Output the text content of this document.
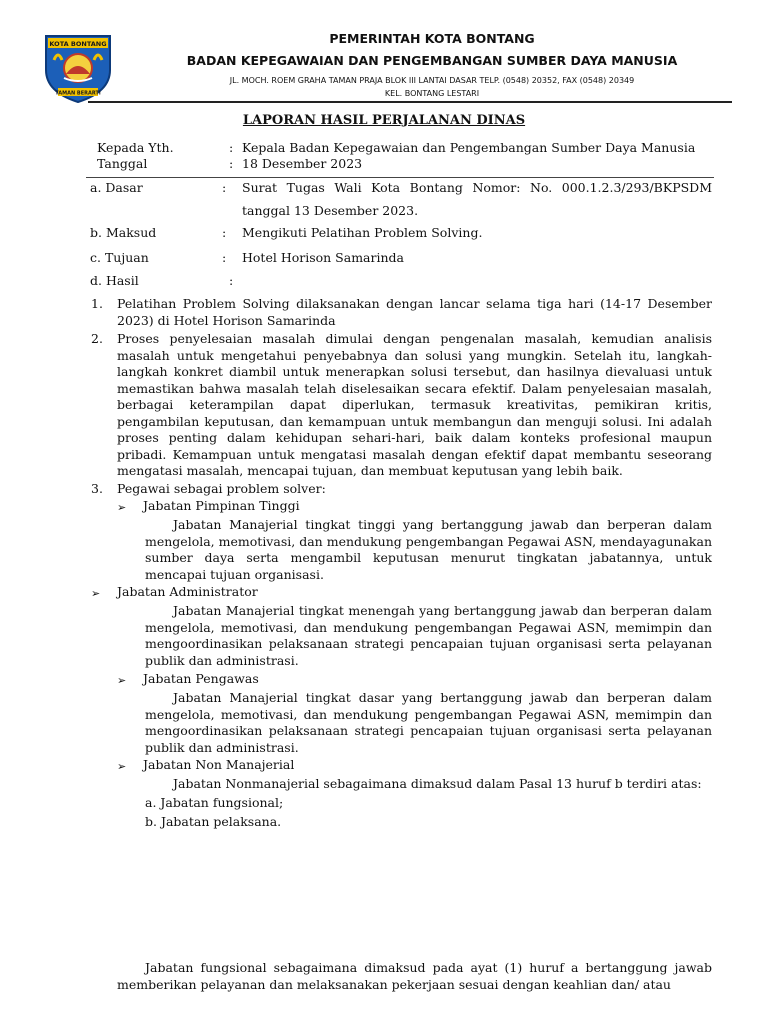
KOTA BONTANG
TAMAN BERARTI
PEMERINTAH KOTA BONTANG
BADAN KEPEGAWAIAN DAN PENGEMBANGAN SUMBER DAYA MANUSIA
JL. MOCH. ROEM GRAHA TAMAN PRAJA BLOK III LANTAI DASAR TELP. (0548) 20352, FAX (0548) 20349
KEL. BONTANG LESTARI
LAPORAN HASIL PERJALANAN DINAS
Kepada Yth.	: Kepala Badan Kepegawaian dan Pengembangan Sumber Daya Manusia
Tanggal	: 18 Desember 2023
a. Dasar	: Surat Tugas Wali Kota Bontang Nomor: No. 000.1.2.3/293/BKPSDM
tanggal 13 Desember 2023.
b. Maksud	: Mengikuti Pelatihan Problem Solving.
c. Tujuan	: Hotel Horison Samarinda
d. Hasil	:
1. Pelatihan Problem Solving dilaksanakan dengan lancar selama tiga hari (14-17 Desember 2023) di Hotel Horison Samarinda
2. Proses penyelesaian masalah dimulai dengan pengenalan masalah, kemudian analisis masalah untuk mengetahui penyebabnya dan solusi yang mungkin. Setelah itu, langkah-langkah konkret diambil untuk menerapkan solusi tersebut, dan hasilnya dievaluasi untuk memastikan bahwa masalah telah diselesaikan secara efektif. Dalam penyelesaian masalah, berbagai keterampilan dapat diperlukan, termasuk kreativitas, pemikiran kritis, pengambilan keputusan, dan kemampuan untuk membangun dan menguji solusi. Ini adalah proses penting dalam kehidupan sehari-hari, baik dalam konteks profesional maupun pribadi. Kemampuan untuk mengatasi masalah dengan efektif dapat membantu seseorang mengatasi masalah, mencapai tujuan, dan membuat keputusan yang lebih baik.
3. Pegawai sebagai problem solver:
➢ Jabatan Pimpinan Tinggi
Jabatan Manajerial tingkat tinggi yang bertanggung jawab dan berperan dalam mengelola, memotivasi, dan mendukung pengembangan Pegawai ASN, mendayagunakan sumber daya serta mengambil keputusan menurut tingkatan jabatannya, untuk mencapai tujuan organisasi.
➢ Jabatan Administrator
Jabatan Manajerial tingkat menengah yang bertanggung jawab dan berperan dalam mengelola, memotivasi, dan mendukung pengembangan Pegawai ASN, memimpin dan mengoordinasikan pelaksanaan strategi pencapaian tujuan organisasi serta pelayanan publik dan administrasi.
➢ Jabatan Pengawas
Jabatan Manajerial tingkat dasar yang bertanggung jawab dan berperan dalam mengelola, memotivasi, dan mendukung pengembangan Pegawai ASN, memimpin dan mengoordinasikan pelaksanaan strategi pencapaian tujuan organisasi serta pelayanan publik dan administrasi.
➢ Jabatan Non Manajerial
Jabatan Nonmanajerial sebagaimana dimaksud dalam Pasal 13 huruf b terdiri atas:
a. Jabatan fungsional;
b. Jabatan pelaksana.
Jabatan fungsional sebagaimana dimaksud pada ayat (1) huruf a bertanggung jawab memberikan pelayanan dan melaksanakan pekerjaan sesuai dengan keahlian dan/ atau
